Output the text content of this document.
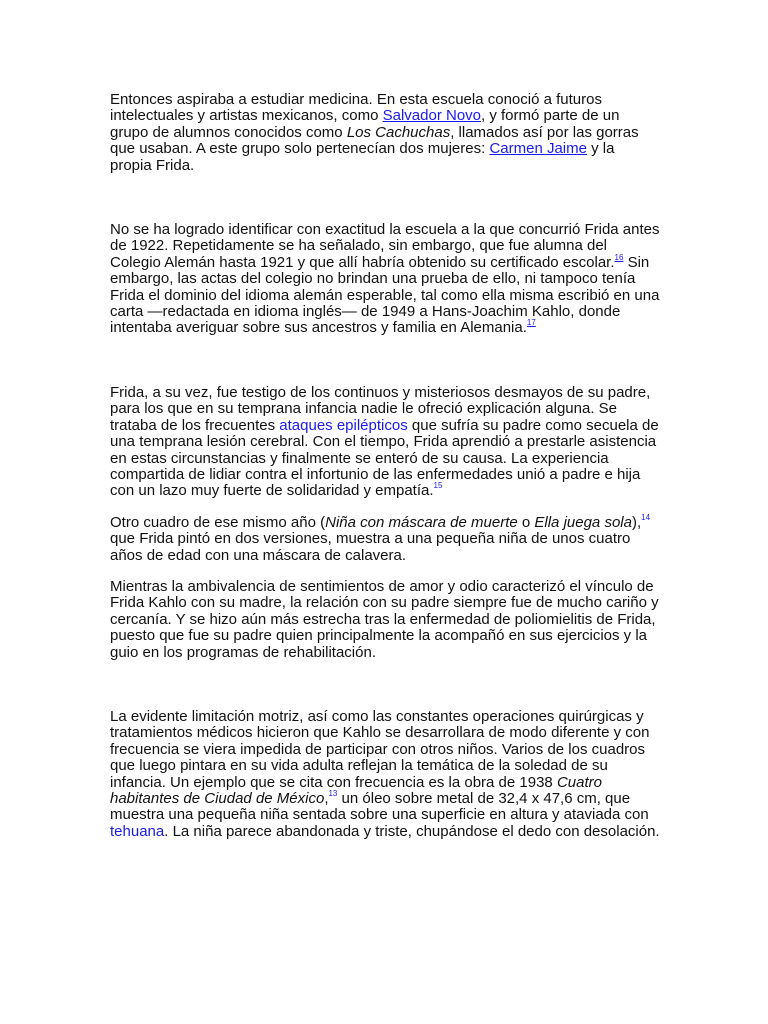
Entonces aspiraba a estudiar medicina. En esta escuela conoció a futuros intelectuales y artistas mexicanos, como Salvador Novo, y formó parte de un grupo de alumnos conocidos como Los Cachuchas, llamados así por las gorras que usaban. A este grupo solo pertenecían dos mujeres: Carmen Jaime y la propia Frida.

No se ha logrado identificar con exactitud la escuela a la que concurrió Frida antes de 1922. Repetidamente se ha señalado, sin embargo, que fue alumna del Colegio Alemán hasta 1921 y que allí habría obtenido su certificado escolar.$^{16}$ Sin embargo, las actas del colegio no brindan una prueba de ello, ni tampoco tenía Frida el dominio del idioma alemán esperable, tal como ella misma escribió en una carta —redactada en idioma inglés— de 1949 a Hans-Joachim Kahlo, donde intentaba averiguar sobre sus ancestros y familia en Alemania.$^{17}$

Frida, a su vez, fue testigo de los continuos y misteriosos desmayos de su padre, para los que en su temprana infancia nadie le ofreció explicación alguna. Se trataba de los frecuentes ataques epilépticos que sufría su padre como secuela de una temprana lesión cerebral. Con el tiempo, Frida aprendió a prestarle asistencia en estas circunstancias y finalmente se enteró de su causa. La experiencia compartida de lidiar contra el infortunio de las enfermedades unió a padre e hija con un lazo muy fuerte de solidaridad y empatía.$^{15}$

Otro cuadro de ese mismo año (Niña con máscara de muerte o Ella juega sola),$^{14}$ que Frida pintó en dos versiones, muestra a una pequeña niña de unos cuatro años de edad con una máscara de calavera.

Mientras la ambivalencia de sentimientos de amor y odio caracterizó el vínculo de Frida Kahlo con su madre, la relación con su padre siempre fue de mucho cariño y cercanía. Y se hizo aún más estrecha tras la enfermedad de poliomielitis de Frida, puesto que fue su padre quien principalmente la acompañó en sus ejercicios y la guio en los programas de rehabilitación.

La evidente limitación motriz, así como las constantes operaciones quirúrgicas y tratamientos médicos hicieron que Kahlo se desarrollara de modo diferente y con frecuencia se viera impedida de participar con otros niños. Varios de los cuadros que luego pintara en su vida adulta reflejan la temática de la soledad de su infancia. Un ejemplo que se cita con frecuencia es la obra de 1938 Cuatro habitantes de Ciudad de México,$^{13}$ un óleo sobre metal de 32,4 x 47,6 cm, que muestra una pequeña niña sentada sobre una superficie en altura y ataviada con tehuana. La niña parece abandonada y triste, chupándose el dedo con desolación.
